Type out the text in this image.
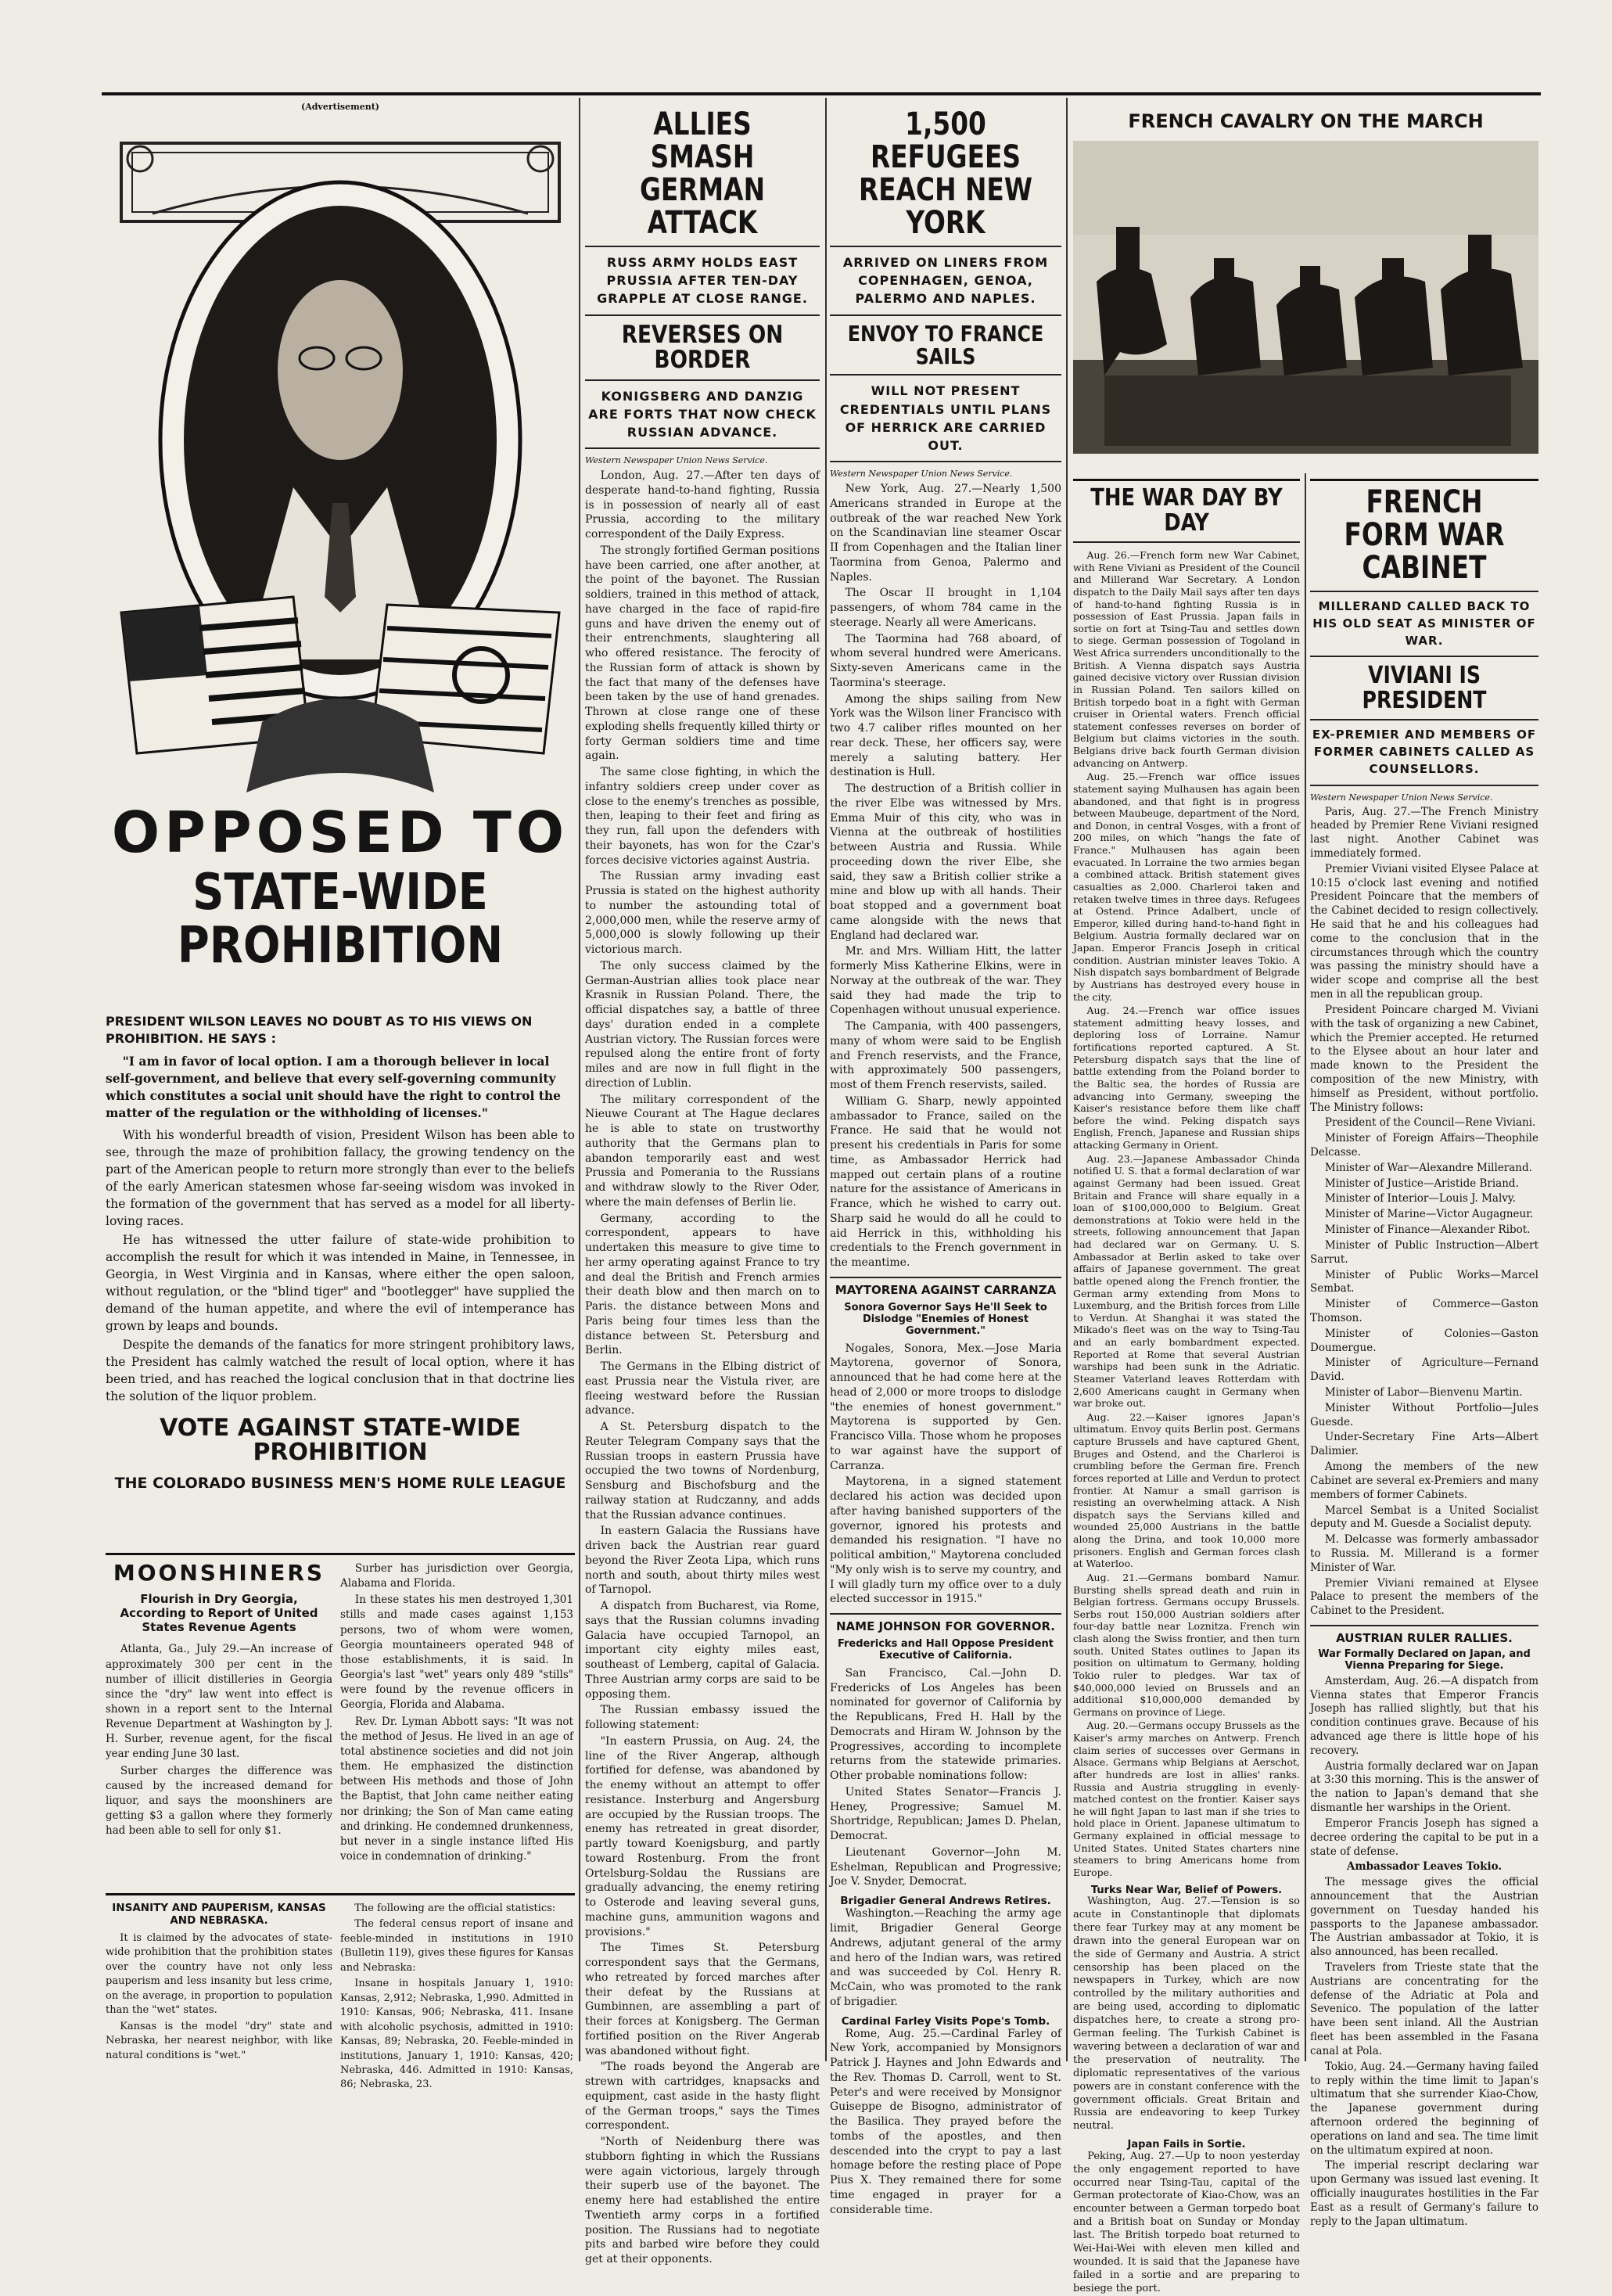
(Advertisement)
OPPOSED TO
STATE-WIDE PROHIBITION

PRESIDENT WILSON LEAVES NO DOUBT AS TO HIS VIEWS ON PROHIBITION. HE SAYS :

"I am in favor of local option. I am a thorough believer in local self-government, and believe that every self-governing community which constitutes a social unit should have the right to control the matter of the regulation or the withholding of licenses."

With his wonderful breadth of vision, President Wilson has been able to see, through the maze of prohibition fallacy, the growing tendency on the part of the American people to return more strongly than ever to the beliefs of the early American statesmen whose far-seeing wisdom was invoked in the formation of the government that has served as a model for all liberty-loving races.

He has witnessed the utter failure of state-wide prohibition to accomplish the result for which it was intended in Maine, in Tennessee, in Georgia, in West Virginia and in Kansas, where either the open saloon, without regulation, or the "blind tiger" and "bootlegger" have supplied the demand of the human appetite, and where the evil of intemperance has grown by leaps and bounds.

Despite the demands of the fanatics for more stringent prohibitory laws, the President has calmly watched the result of local option, where it has been tried, and has reached the logical conclusion that in that doctrine lies the solution of the liquor problem.

VOTE AGAINST STATE-WIDE PROHIBITION
THE COLORADO BUSINESS MEN'S HOME RULE LEAGUE
MOONSHINERS

Flourish in Dry Georgia, According to Report of United States Revenue Agents

Atlanta, Ga., July 29.—An increase of approximately 300 per cent in the number of illicit distilleries in Georgia since the "dry" law went into effect is shown in a report sent to the Internal Revenue Department at Washington by J. H. Surber, revenue agent, for the fiscal year ending June 30 last.

Surber charges the difference was caused by the increased demand for liquor, and says the moonshiners are getting $3 a gallon where they formerly had been able to sell for only $1.

Surber has jurisdiction over Georgia, Alabama and Florida.

In these states his men destroyed 1,301 stills and made cases against 1,153 persons, two of whom were women, Georgia mountaineers operated 948 of those establishments, it is said. In Georgia's last "wet" years only 489 "stills" were found by the revenue officers in Georgia, Florida and Alabama.

Rev. Dr. Lyman Abbott says: "It was not the method of Jesus. He lived in an age of total abstinence societies and did not join them. He emphasized the distinction between His methods and those of John the Baptist, that John came neither eating nor drinking; the Son of Man came eating and drinking. He condemned drunkenness, but never in a single instance lifted His voice in condemnation of drinking."

INSANITY AND PAUPERISM, KANSAS AND NEBRASKA.

It is claimed by the advocates of state-wide prohibition that the prohibition states over the country have not only less pauperism and less insanity but less crime, on the average, in proportion to population than the "wet" states.

Kansas is the model "dry" state and Nebraska, her nearest neighbor, with like natural conditions is "wet."

The following are the official statistics:

The federal census report of insane and feeble-minded in institutions in 1910 (Bulletin 119), gives these figures for Kansas and Nebraska:

Insane in hospitals January 1, 1910: Kansas, 2,912; Nebraska, 1,990. Admitted in 1910: Kansas, 906; Nebraska, 411. Insane with alcoholic psychosis, admitted in 1910: Kansas, 89; Nebraska, 20. Feeble-minded in institutions, January 1, 1910: Kansas, 420; Nebraska, 446. Admitted in 1910: Kansas, 86; Nebraska, 23.

ALLIES SMASH GERMAN ATTACK

RUSS ARMY HOLDS EAST PRUSSIA AFTER TEN-DAY GRAPPLE AT CLOSE RANGE.

REVERSES ON BORDER

KONIGSBERG AND DANZIG ARE FORTS THAT NOW CHECK RUSSIAN ADVANCE.

Western Newspaper Union News Service.

London, Aug. 27.—After ten days of desperate hand-to-hand fighting, Russia is in possession of nearly all of east Prussia, according to the military correspondent of the Daily Express.

The strongly fortified German positions have been carried, one after another, at the point of the bayonet. The Russian soldiers, trained in this method of attack, have charged in the face of rapid-fire guns and have driven the enemy out of their entrenchments, slaughtering all who offered resistance. The ferocity of the Russian form of attack is shown by the fact that many of the defenses have been taken by the use of hand grenades. Thrown at close range one of these exploding shells frequently killed thirty or forty German soldiers time and time again.

The same close fighting, in which the infantry soldiers creep under cover as close to the enemy's trenches as possible, then, leaping to their feet and firing as they run, fall upon the defenders with their bayonets, has won for the Czar's forces decisive victories against Austria.

The Russian army invading east Prussia is stated on the highest authority to number the astounding total of 2,000,000 men, while the reserve army of 5,000,000 is slowly following up their victorious march.

The only success claimed by the German-Austrian allies took place near Krasnik in Russian Poland. There, the official dispatches say, a battle of three days' duration ended in a complete Austrian victory. The Russian forces were repulsed along the entire front of forty miles and are now in full flight in the direction of Lublin.

The military correspondent of the Nieuwe Courant at The Hague declares he is able to state on trustworthy authority that the Germans plan to abandon temporarily east and west Prussia and Pomerania to the Russians and withdraw slowly to the River Oder, where the main defenses of Berlin lie.

Germany, according to the correspondent, appears to have undertaken this measure to give time to her army operating against France to try and deal the British and French armies their death blow and then march on to Paris. the distance between Mons and Paris being four times less than the distance between St. Petersburg and Berlin.

The Germans in the Elbing district of east Prussia near the Vistula river, are fleeing westward before the Russian advance.

A St. Petersburg dispatch to the Reuter Telegram Company says that the Russian troops in eastern Prussia have occupied the two towns of Nordenburg, Sensburg and Bischofsburg and the railway station at Rudczanny, and adds that the Russian advance continues.

In eastern Galacia the Russians have driven back the Austrian rear guard beyond the River Zeota Lipa, which runs north and south, about thirty miles west of Tarnopol.

A dispatch from Bucharest, via Rome, says that the Russian columns invading Galacia have occupied Tarnopol, an important city eighty miles east, southeast of Lemberg, capital of Galacia. Three Austrian army corps are said to be opposing them.

The Russian embassy issued the following statement:

"In eastern Prussia, on Aug. 24, the line of the River Angerap, although fortified for defense, was abandoned by the enemy without an attempt to offer resistance. Insterburg and Angersburg are occupied by the Russian troops. The enemy has retreated in great disorder, partly toward Koenigsburg, and partly toward Rostenburg. From the front Ortelsburg-Soldau the Russians are gradually advancing, the enemy retiring to Osterode and leaving several guns, machine guns, ammunition wagons and provisions."

The Times St. Petersburg correspondent says that the Germans, who retreated by forced marches after their defeat by the Russians at Gumbinnen, are assembling a part of their forces at Konigsberg. The German fortified position on the River Angerab was abandoned without fight.

"The roads beyond the Angerab are strewn with cartridges, knapsacks and equipment, cast aside in the hasty flight of the German troops," says the Times correspondent.

"North of Neidenburg there was stubborn fighting in which the Russians were again victorious, largely through their superb use of the bayonet. The enemy here had established the entire Twentieth army corps in a fortified position. The Russians had to negotiate pits and barbed wire before they could get at their opponents.

1,500 REFUGEES REACH NEW YORK

ARRIVED ON LINERS FROM COPENHAGEN, GENOA, PALERMO AND NAPLES.

ENVOY TO FRANCE SAILS

WILL NOT PRESENT CREDENTIALS UNTIL PLANS OF HERRICK ARE CARRIED OUT.

Western Newspaper Union News Service.

New York, Aug. 27.—Nearly 1,500 Americans stranded in Europe at the outbreak of the war reached New York on the Scandinavian line steamer Oscar II from Copenhagen and the Italian liner Taormina from Genoa, Palermo and Naples.

The Oscar II brought in 1,104 passengers, of whom 784 came in the steerage. Nearly all were Americans.

The Taormina had 768 aboard, of whom several hundred were Americans. Sixty-seven Americans came in the Taormina's steerage.

Among the ships sailing from New York was the Wilson liner Francisco with two 4.7 caliber rifles mounted on her rear deck. These, her officers say, were merely a saluting battery. Her destination is Hull.

The destruction of a British collier in the river Elbe was witnessed by Mrs. Emma Muir of this city, who was in Vienna at the outbreak of hostilities between Austria and Russia. While proceeding down the river Elbe, she said, they saw a British collier strike a mine and blow up with all hands. Their boat stopped and a government boat came alongside with the news that England had declared war.

Mr. and Mrs. William Hitt, the latter formerly Miss Katherine Elkins, were in Norway at the outbreak of the war. They said they had made the trip to Copenhagen without unusual experience.

The Campania, with 400 passengers, many of whom were said to be English and French reservists, and the France, with approximately 500 passengers, most of them French reservists, sailed.

William G. Sharp, newly appointed ambassador to France, sailed on the France. He said that he would not present his credentials in Paris for some time, as Ambassador Herrick had mapped out certain plans of a routine nature for the assistance of Americans in France, which he wished to carry out. Sharp said he would do all he could to aid Herrick in this, withholding his credentials to the French government in the meantime.

MAYTORENA AGAINST CARRANZA

Sonora Governor Says He'll Seek to Dislodge "Enemies of Honest Government."

Nogales, Sonora, Mex.—Jose Maria Maytorena, governor of Sonora, announced that he had come here at the head of 2,000 or more troops to dislodge "the enemies of honest government." Maytorena is supported by Gen. Francisco Villa. Those whom he proposes to war against have the support of Carranza.

Maytorena, in a signed statement declared his action was decided upon after having banished supporters of the governor, ignored his protests and demanded his resignation. "I have no political ambition," Maytorena concluded "My only wish is to serve my country, and I will gladly turn my office over to a duly elected successor in 1915."

NAME JOHNSON FOR GOVERNOR.

Fredericks and Hall Oppose President Executive of California.

San Francisco, Cal.—John D. Fredericks of Los Angeles has been nominated for governor of California by the Republicans, Fred H. Hall by the Democrats and Hiram W. Johnson by the Progressives, according to incomplete returns from the statewide primaries. Other probable nominations follow:

United States Senator—Francis J. Heney, Progressive; Samuel M. Shortridge, Republican; James D. Phelan, Democrat.

Lieutenant Governor—John M. Eshelman, Republican and Progressive; Joe V. Snyder, Democrat.

Brigadier General Andrews Retires.

Washington.—Reaching the army age limit, Brigadier General George Andrews, adjutant general of the army and hero of the Indian wars, was retired and was succeeded by Col. Henry R. McCain, who was promoted to the rank of brigadier.

Cardinal Farley Visits Pope's Tomb.

Rome, Aug. 25.—Cardinal Farley of New York, accompanied by Monsignors Patrick J. Haynes and John Edwards and the Rev. Thomas D. Carroll, went to St. Peter's and were received by Monsignor Guiseppe de Bisogno, administrator of the Basilica. They prayed before the tombs of the apostles, and then descended into the crypt to pay a last homage before the resting place of Pope Pius X. They remained there for some time engaged in prayer for a considerable time.

FRENCH CAVALRY ON THE MARCH
THE WAR DAY BY DAY

Aug. 26.—French form new War Cabinet, with Rene Viviani as President of the Council and Millerand War Secretary. A London dispatch to the Daily Mail says after ten days of hand-to-hand fighting Russia is in possession of East Prussia. Japan fails in sortie on fort at Tsing-Tau and settles down to siege. German possession of Togoland in West Africa surrenders unconditionally to the British. A Vienna dispatch says Austria gained decisive victory over Russian division in Russian Poland. Ten sailors killed on British torpedo boat in a fight with German cruiser in Oriental waters. French official statement confesses reverses on border of Belgium but claims victories in the south. Belgians drive back fourth German division advancing on Antwerp.

Aug. 25.—French war office issues statement saying Mulhausen has again been abandoned, and that fight is in progress between Maubeuge, department of the Nord, and Donon, in central Vosges, with a front of 200 miles, on which "hangs the fate of France." Mulhausen has again been evacuated. In Lorraine the two armies began a combined attack. British statement gives casualties as 2,000. Charleroi taken and retaken twelve times in three days. Refugees at Ostend. Prince Adalbert, uncle of Emperor, killed during hand-to-hand fight in Belgium. Austria formally declared war on Japan. Emperor Francis Joseph in critical condition. Austrian minister leaves Tokio. A Nish dispatch says bombardment of Belgrade by Austrians has destroyed every house in the city.

Aug. 24.—French war office issues statement admitting heavy losses, and deploring loss of Lorraine. Namur fortifications reported captured. A St. Petersburg dispatch says that the line of battle extending from the Poland border to the Baltic sea, the hordes of Russia are advancing into Germany, sweeping the Kaiser's resistance before them like chaff before the wind. Peking dispatch says English, French, Japanese and Russian ships attacking Germany in Orient.

Aug. 23.—Japanese Ambassador Chinda notified U. S. that a formal declaration of war against Germany had been issued. Great Britain and France will share equally in a loan of $100,000,000 to Belgium. Great demonstrations at Tokio were held in the streets, following announcement that Japan had declared war on Germany. U. S. Ambassador at Berlin asked to take over affairs of Japanese government. The great battle opened along the French frontier, the German army extending from Mons to Luxemburg, and the British forces from Lille to Verdun. At Shanghai it was stated the Mikado's fleet was on the way to Tsing-Tau and an early bombardment expected. Reported at Rome that several Austrian warships had been sunk in the Adriatic. Steamer Vaterland leaves Rotterdam with 2,600 Americans caught in Germany when war broke out.

Aug. 22.—Kaiser ignores Japan's ultimatum. Envoy quits Berlin post. Germans capture Brussels and have captured Ghent, Bruges and Ostend, and the Charleroi is crumbling before the German fire. French forces reported at Lille and Verdun to protect frontier. At Namur a small garrison is resisting an overwhelming attack. A Nish dispatch says the Servians killed and wounded 25,000 Austrians in the battle along the Drina, and took 10,000 more prisoners. English and German forces clash at Waterloo.

Aug. 21.—Germans bombard Namur. Bursting shells spread death and ruin in Belgian fortress. Germans occupy Brussels. Serbs rout 150,000 Austrian soldiers after four-day battle near Loznitza. French win clash along the Swiss frontier, and then turn south. United States outlines to Japan its position on ultimatum to Germany, holding Tokio ruler to pledges. War tax of $40,000,000 levied on Brussels and an additional $10,000,000 demanded by Germans on province of Liege.

Aug. 20.—Germans occupy Brussels as the Kaiser's army marches on Antwerp. French claim series of successes over Germans in Alsace. Germans whip Belgians at Aerschot, after hundreds are lost in allies' ranks. Russia and Austria struggling in evenly-matched contest on the frontier. Kaiser says he will fight Japan to last man if she tries to hold place in Orient. Japanese ultimatum to Germany explained in official message to United States. United States charters nine steamers to bring Americans home from Europe.

Turks Near War, Belief of Powers.

Washington, Aug. 27.—Tension is so acute in Constantinople that diplomats there fear Turkey may at any moment be drawn into the general European war on the side of Germany and Austria. A strict censorship has been placed on the newspapers in Turkey, which are now controlled by the military authorities and are being used, according to diplomatic dispatches here, to create a strong pro-German feeling. The Turkish Cabinet is wavering between a declaration of war and the preservation of neutrality. The diplomatic representatives of the various powers are in constant conference with the government officials. Great Britain and Russia are endeavoring to keep Turkey neutral.

Japan Fails in Sortie.

Peking, Aug. 27.—Up to noon yesterday the only engagement reported to have occurred near Tsing-Tau, capital of the German protectorate of Kiao-Chow, was an encounter between a German torpedo boat and a British boat on Sunday or Monday last. The British torpedo boat returned to Wei-Hai-Wei with eleven men killed and wounded. It is said that the Japanese have failed in a sortie and are preparing to besiege the port.

FRENCH FORM WAR CABINET

MILLERAND CALLED BACK TO HIS OLD SEAT AS MINISTER OF WAR.

VIVIANI IS PRESIDENT

EX-PREMIER AND MEMBERS OF FORMER CABINETS CALLED AS COUNSELLORS.

Western Newspaper Union News Service.

Paris, Aug. 27.—The French Ministry headed by Premier Rene Viviani resigned last night. Another Cabinet was immediately formed.

Premier Viviani visited Elysee Palace at 10:15 o'clock last evening and notified President Poincare that the members of the Cabinet decided to resign collectively. He said that he and his colleagues had come to the conclusion that in the circumstances through which the country was passing the ministry should have a wider scope and comprise all the best men in all the republican group.

President Poincare charged M. Viviani with the task of organizing a new Cabinet, which the Premier accepted. He returned to the Elysee about an hour later and made known to the President the composition of the new Ministry, with himself as President, without portfolio. The Ministry follows:

President of the Council—Rene Viviani.

Minister of Foreign Affairs—Theophile Delcasse.

Minister of War—Alexandre Millerand.

Minister of Justice—Aristide Briand.

Minister of Interior—Louis J. Malvy.

Minister of Marine—Victor Augagneur.

Minister of Finance—Alexander Ribot.

Minister of Public Instruction—Albert Sarrut.

Minister of Public Works—Marcel Sembat.

Minister of Commerce—Gaston Thomson.

Minister of Colonies—Gaston Doumergue.

Minister of Agriculture—Fernand David.

Minister of Labor—Bienvenu Martin.

Minister Without Portfolio—Jules Guesde.

Under-Secretary Fine Arts—Albert Dalimier.

Among the members of the new Cabinet are several ex-Premiers and many members of former Cabinets.

Marcel Sembat is a United Socialist deputy and M. Guesde a Socialist deputy.

M. Delcasse was formerly ambassador to Russia. M. Millerand is a former Minister of War.

Premier Viviani remained at Elysee Palace to present the members of the Cabinet to the President.

AUSTRIAN RULER RALLIES.

War Formally Declared on Japan, and Vienna Preparing for Siege.

Amsterdam, Aug. 26.—A dispatch from Vienna states that Emperor Francis Joseph has rallied slightly, but that his condition continues grave. Because of his advanced age there is little hope of his recovery.

Austria formally declared war on Japan at 3:30 this morning. This is the answer of the nation to Japan's demand that she dismantle her warships in the Orient.

Emperor Francis Joseph has signed a decree ordering the capital to be put in a state of defense.

Ambassador Leaves Tokio.

The message gives the official announcement that the Austrian government on Tuesday handed his passports to the Japanese ambassador. The Austrian ambassador at Tokio, it is also announced, has been recalled.

Travelers from Trieste state that the Austrians are concentrating for the defense of the Adriatic at Pola and Sevenico. The population of the latter have been sent inland. All the Austrian fleet has been assembled in the Fasana canal at Pola.

Tokio, Aug. 24.—Germany having failed to reply within the time limit to Japan's ultimatum that she surrender Kiao-Chow, the Japanese government during afternoon ordered the beginning of operations on land and sea. The time limit on the ultimatum expired at noon.

The imperial rescript declaring war upon Germany was issued last evening. It officially inaugurates hostilities in the Far East as a result of Germany's failure to reply to the Japan ultimatum.
